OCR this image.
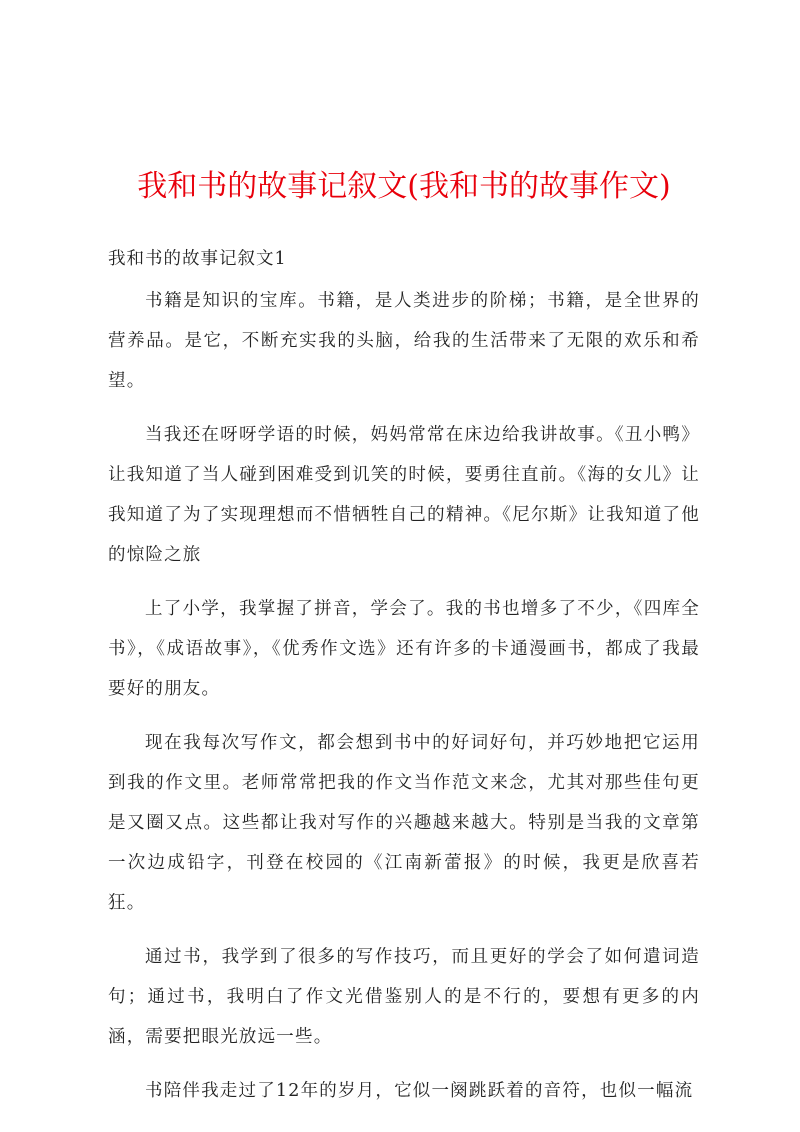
我和书的故事记叙文(我和书的故事作文)
我和书的故事记叙文1

书籍是知识的宝库。书籍，是人类进步的阶梯；书籍，是全世界的营养品。是它，不断充实我的头脑，给我的生活带来了无限的欢乐和希望。

当我还在呀呀学语的时候，妈妈常常在床边给我讲故事。《丑小鸭》让我知道了当人碰到困难受到讥笑的时候，要勇往直前。《海的女儿》让我知道了为了实现理想而不惜牺牲自己的精神。《尼尔斯》让我知道了他的惊险之旅

上了小学，我掌握了拼音，学会了。我的书也增多了不少，《四库全书》，《成语故事》，《优秀作文选》还有许多的卡通漫画书，都成了我最要好的朋友。

现在我每次写作文，都会想到书中的好词好句，并巧妙地把它运用到我的作文里。老师常常把我的作文当作范文来念，尤其对那些佳句更是又圈又点。这些都让我对写作的兴趣越来越大。特别是当我的文章第一次边成铅字，刊登在校园的《江南新蕾报》的时候，我更是欣喜若狂。

通过书，我学到了很多的写作技巧，而且更好的学会了如何遣词造句；通过书，我明白了作文光借鉴别人的是不行的，要想有更多的内涵，需要把眼光放远一些。

书陪伴我走过了12年的岁月，它似一阕跳跃着的音符，也似一幅流
